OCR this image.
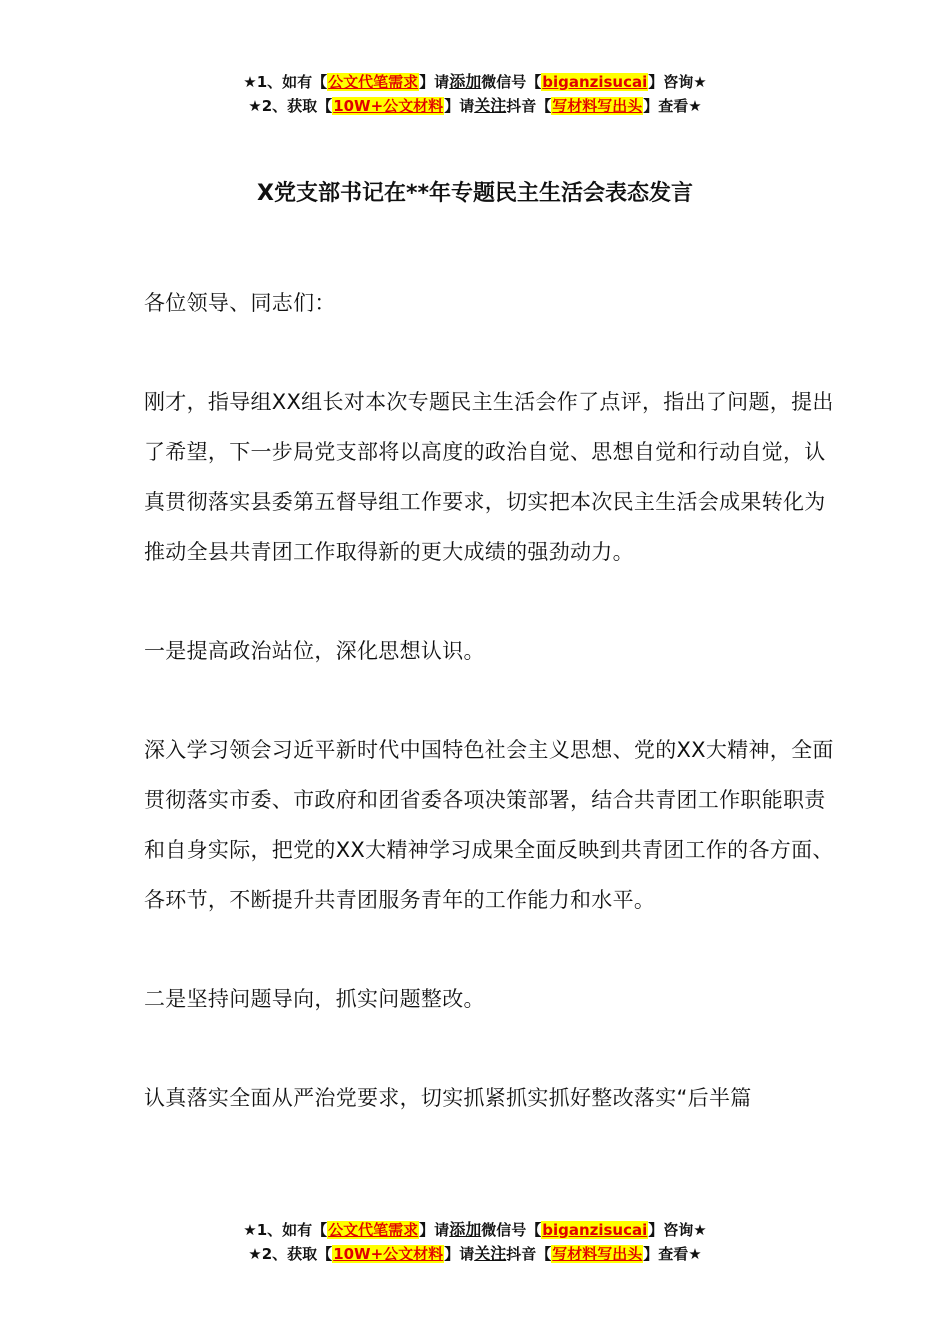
★1、如有【公文代笔需求】请添加微信号【biganzisucai】咨询★
★2、获取【10W+公文材料】请关注抖音【写材料写出头】查看★
X党支部书记在**年专题民主生活会表态发言

各位领导、同志们：

刚才，指导组XX组长对本次专题民主生活会作了点评，指出了问题，提出了希望，下一步局党支部将以高度的政治自觉、思想自觉和行动自觉，认真贯彻落实县委第五督导组工作要求，切实把本次民主生活会成果转化为推动全县共青团工作取得新的更大成绩的强劲动力。

一是提高政治站位，深化思想认识。

深入学习领会习近平新时代中国特色社会主义思想、党的XX大精神，全面贯彻落实市委、市政府和团省委各项决策部署，结合共青团工作职能职责和自身实际，把党的XX大精神学习成果全面反映到共青团工作的各方面、各环节，不断提升共青团服务青年的工作能力和水平。

二是坚持问题导向，抓实问题整改。

认真落实全面从严治党要求，切实抓紧抓实抓好整改落实“后半篇

★1、如有【公文代笔需求】请添加微信号【biganzisucai】咨询★
★2、获取【10W+公文材料】请关注抖音【写材料写出头】查看★
